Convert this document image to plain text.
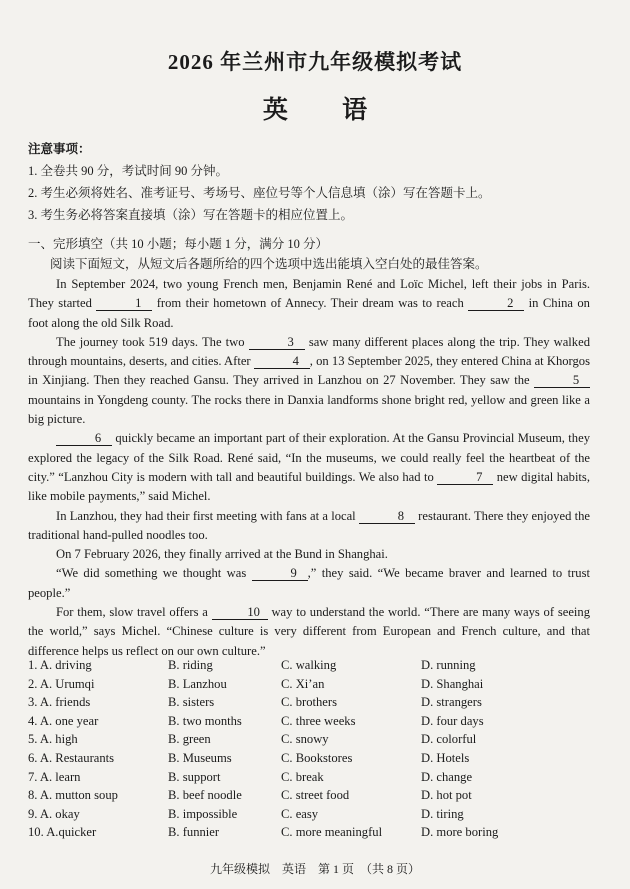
2026 年兰州市九年级模拟考试
英 语
注意事项：
1. 全卷共 90 分，考试时间 90 分钟。
2. 考生必须将姓名、准考证号、考场号、座位号等个人信息填（涂）写在答题卡上。
3. 考生务必将答案直接填（涂）写在答题卡的相应位置上。
一、完形填空（共 10 小题；每小题 1 分，满分 10 分）
阅读下面短文，从短文后各题所给的四个选项中选出能填入空白处的最佳答案。

In September 2024, two young French men, Benjamin René and Loïc Michel, left their jobs in Paris. They started	1 from their hometown of Annecy. Their dream was to reach	2 in China on foot along the old Silk Road.

The journey took 519 days. The two	3 saw many different places along the trip. They walked through mountains, deserts, and cities. After	4 , on 13 September 2025, they entered China at Khorgos in Xinjiang. Then they reached Gansu. They arrived in Lanzhou on 27 November. They saw the	5 mountains in Yongdeng county. The rocks there in Danxia landforms shone bright red, yellow and green like a big picture.

6 quickly became an important part of their exploration. At the Gansu Provincial Museum, they explored the legacy of the Silk Road. René said, “In the museums, we could really feel the heartbeat of the city.” “Lanzhou City is modern with tall and beautiful buildings. We also had to	7 new digital habits, like mobile payments,” said Michel.

In Lanzhou, they had their first meeting with fans at a local	8 restaurant. There they enjoyed the traditional hand-pulled noodles too.

On 7 February 2026, they finally arrived at the Bund in Shanghai.

“We did something we thought was	9 ,” they said. “We became braver and learned to trust people.”

For them, slow travel offers a	10 way to understand the world. “There are many ways of seeing the world,” says Michel. “Chinese culture is very different from European and French culture, and that difference helps us reflect on our own culture.”

1. A. driving	B. riding	C. walking	D. running
2. A. Urumqi	B. Lanzhou	C. Xi’an	D. Shanghai
3. A. friends	B. sisters	C. brothers	D. strangers
4. A. one year	B. two months	C. three weeks	D. four days
5. A. high	B. green	C. snowy	D. colorful
6. A. Restaurants	B. Museums	C. Bookstores	D. Hotels
7. A. learn	B. support	C. break	D. change
8. A. mutton soup	B. beef noodle	C. street food	D. hot pot
9. A. okay	B. impossible	C. easy	D. tiring
10. A.quicker	B. funnier	C. more meaningful	D. more boring
九年级模拟　英语　第 1 页　（共 8 页）
